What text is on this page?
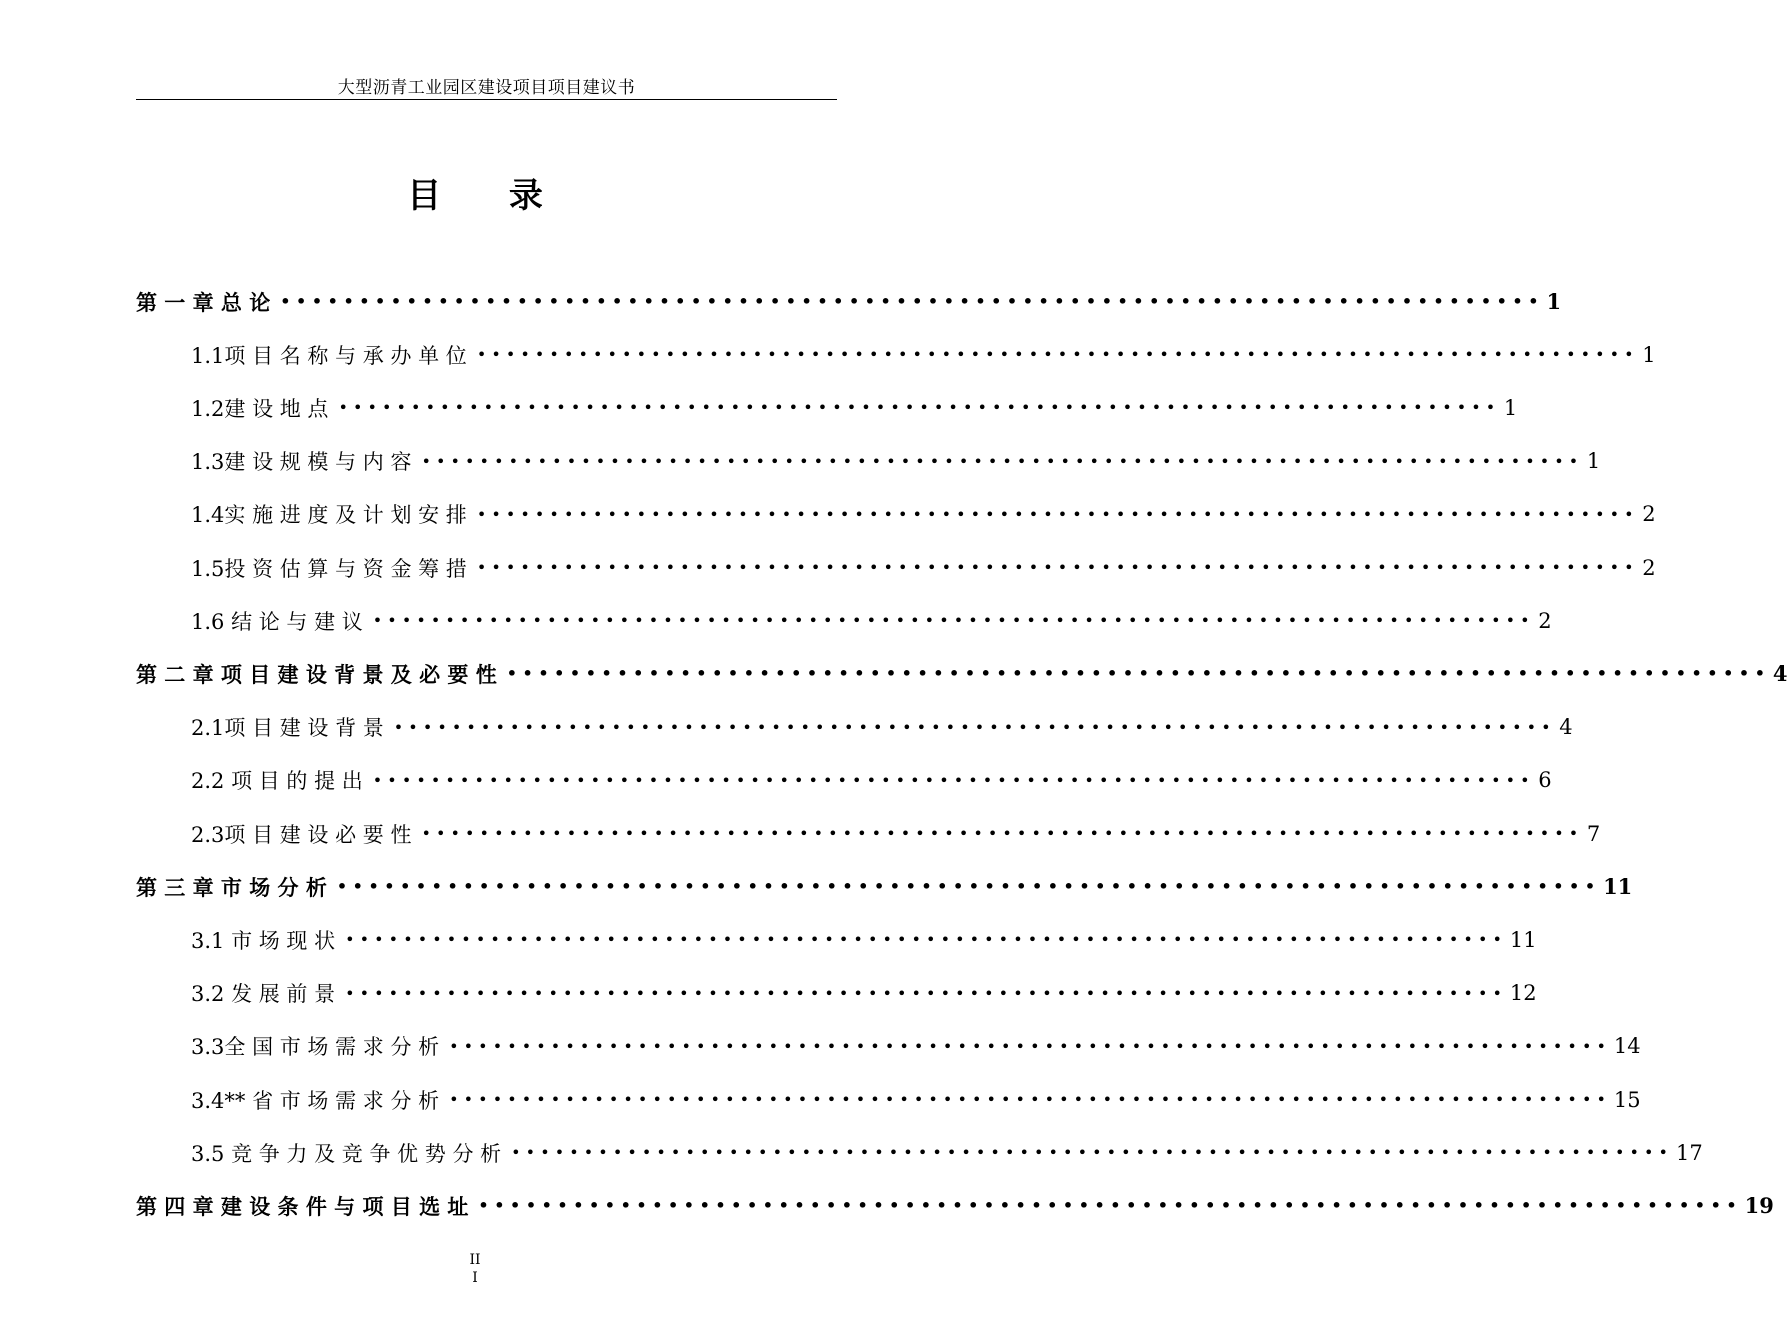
大型沥青工业园区建设项目项目建议书
目 录
第 一 章 总 论 • • • • • • • • • • • • • • • • • • • • • • • • • • • • • • • • • • • • • • • • • • • • • • • • • • • • • • • • • • • • • • • • • • • • • • • • • • • • • • • • 1
1.1项 目 名 称 与 承 办 单 位 • • • • • • • • • • • • • • • • • • • • • • • • • • • • • • • • • • • • • • • • • • • • • • • • • • • • • • • • • • • • • • • • • • • • • • • • • • • • • • • • 1
1.2建 设 地 点 • • • • • • • • • • • • • • • • • • • • • • • • • • • • • • • • • • • • • • • • • • • • • • • • • • • • • • • • • • • • • • • • • • • • • • • • • • • • • • • • 1
1.3建 设 规 模 与 内 容 • • • • • • • • • • • • • • • • • • • • • • • • • • • • • • • • • • • • • • • • • • • • • • • • • • • • • • • • • • • • • • • • • • • • • • • • • • • • • • • • 1
1.4实 施 进 度 及 计 划 安 排 • • • • • • • • • • • • • • • • • • • • • • • • • • • • • • • • • • • • • • • • • • • • • • • • • • • • • • • • • • • • • • • • • • • • • • • • • • • • • • • • 2
1.5投 资 估 算 与 资 金 筹 措 • • • • • • • • • • • • • • • • • • • • • • • • • • • • • • • • • • • • • • • • • • • • • • • • • • • • • • • • • • • • • • • • • • • • • • • • • • • • • • • • 2
1.6 结 论 与 建 议 • • • • • • • • • • • • • • • • • • • • • • • • • • • • • • • • • • • • • • • • • • • • • • • • • • • • • • • • • • • • • • • • • • • • • • • • • • • • • • • • 2
第 二 章 项 目 建 设 背 景 及 必 要 性 • • • • • • • • • • • • • • • • • • • • • • • • • • • • • • • • • • • • • • • • • • • • • • • • • • • • • • • • • • • • • • • • • • • • • • • • • • • • • • • • 4
2.1项 目 建 设 背 景 • • • • • • • • • • • • • • • • • • • • • • • • • • • • • • • • • • • • • • • • • • • • • • • • • • • • • • • • • • • • • • • • • • • • • • • • • • • • • • • • 4
2.2 项 目 的 提 出 • • • • • • • • • • • • • • • • • • • • • • • • • • • • • • • • • • • • • • • • • • • • • • • • • • • • • • • • • • • • • • • • • • • • • • • • • • • • • • • • 6
2.3项 目 建 设 必 要 性 • • • • • • • • • • • • • • • • • • • • • • • • • • • • • • • • • • • • • • • • • • • • • • • • • • • • • • • • • • • • • • • • • • • • • • • • • • • • • • • • 7
第 三 章 市 场 分 析 • • • • • • • • • • • • • • • • • • • • • • • • • • • • • • • • • • • • • • • • • • • • • • • • • • • • • • • • • • • • • • • • • • • • • • • • • • • • • • • • 11
3.1 市 场 现 状 • • • • • • • • • • • • • • • • • • • • • • • • • • • • • • • • • • • • • • • • • • • • • • • • • • • • • • • • • • • • • • • • • • • • • • • • • • • • • • • • 11
3.2 发 展 前 景 • • • • • • • • • • • • • • • • • • • • • • • • • • • • • • • • • • • • • • • • • • • • • • • • • • • • • • • • • • • • • • • • • • • • • • • • • • • • • • • • 12
3.3全 国 市 场 需 求 分 析 • • • • • • • • • • • • • • • • • • • • • • • • • • • • • • • • • • • • • • • • • • • • • • • • • • • • • • • • • • • • • • • • • • • • • • • • • • • • • • • • 14
3.4** 省 市 场 需 求 分 析 • • • • • • • • • • • • • • • • • • • • • • • • • • • • • • • • • • • • • • • • • • • • • • • • • • • • • • • • • • • • • • • • • • • • • • • • • • • • • • • • 15
3.5 竞 争 力 及 竞 争 优 势 分 析 • • • • • • • • • • • • • • • • • • • • • • • • • • • • • • • • • • • • • • • • • • • • • • • • • • • • • • • • • • • • • • • • • • • • • • • • • • • • • • • • 17
第 四 章 建 设 条 件 与 项 目 选 址 • • • • • • • • • • • • • • • • • • • • • • • • • • • • • • • • • • • • • • • • • • • • • • • • • • • • • • • • • • • • • • • • • • • • • • • • • • • • • • • • 19
II
I
